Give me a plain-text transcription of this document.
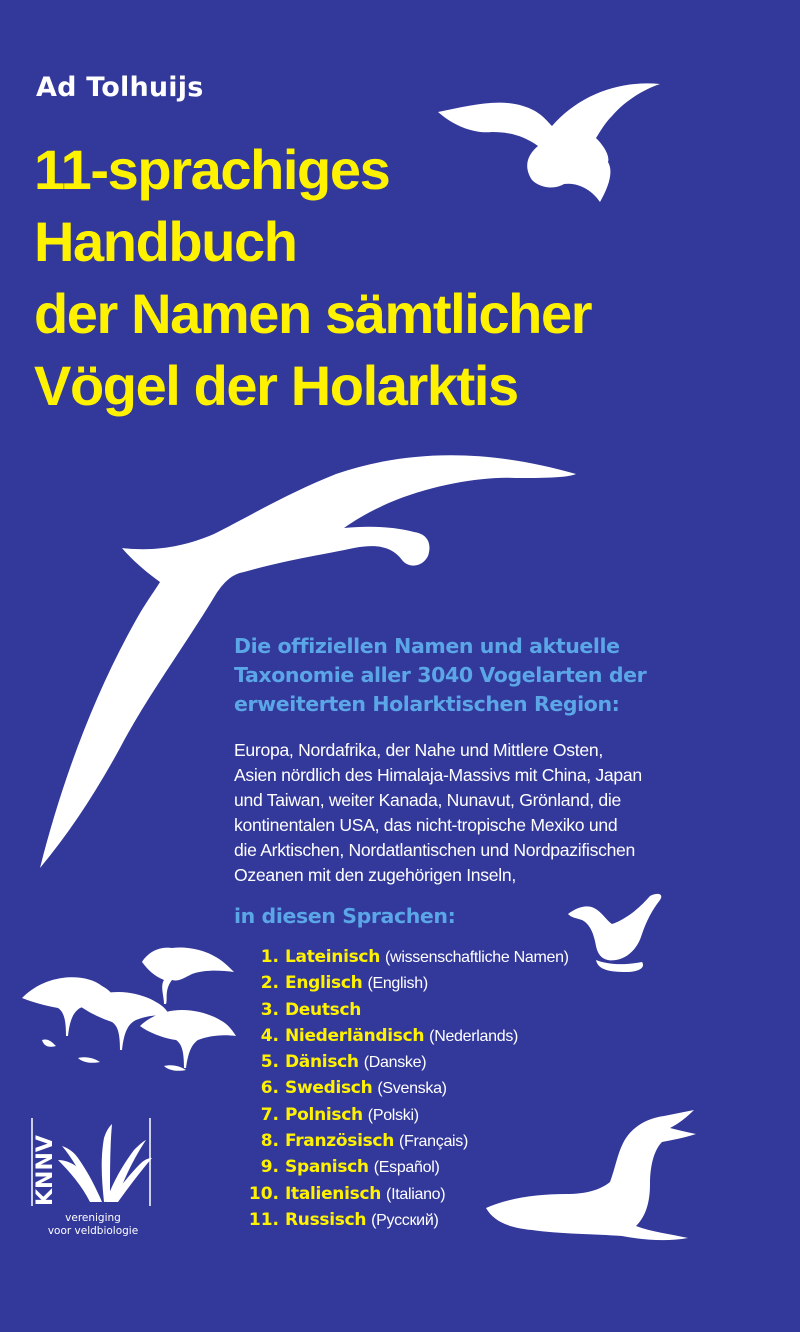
Ad Tolhuijs
11-sprachiges
Handbuch
der Namen sämtlicher
Vögel der Holarktis
Die offiziellen Namen und aktuelle
Taxonomie aller 3040 Vogelarten der
erweiterten Holarktischen Region:
Europa, Nordafrika, der Nahe und Mittlere Osten,
Asien nördlich des Himalaja-Massivs mit China, Japan
und Taiwan, weiter Kanada, Nunavut, Grönland, die
kontinentalen USA, das nicht-tropische Mexiko und
die Arktischen, Nordatlantischen und Nordpazifischen
Ozeanen mit den zugehörigen Inseln,
in diesen Sprachen:
1. Lateinisch (wissenschaftliche Namen)
2. Englisch (English)
3. Deutsch
4. Niederländisch (Nederlands)
5. Dänisch (Danske)
6. Swedisch (Svenska)
7. Polnisch (Polski)
8. Französisch (Français)
9. Spanisch (Español)
10. Italienisch (Italiano)
11. Russisch (Русский)
KNNV
vereniging
voor veldbiologie
